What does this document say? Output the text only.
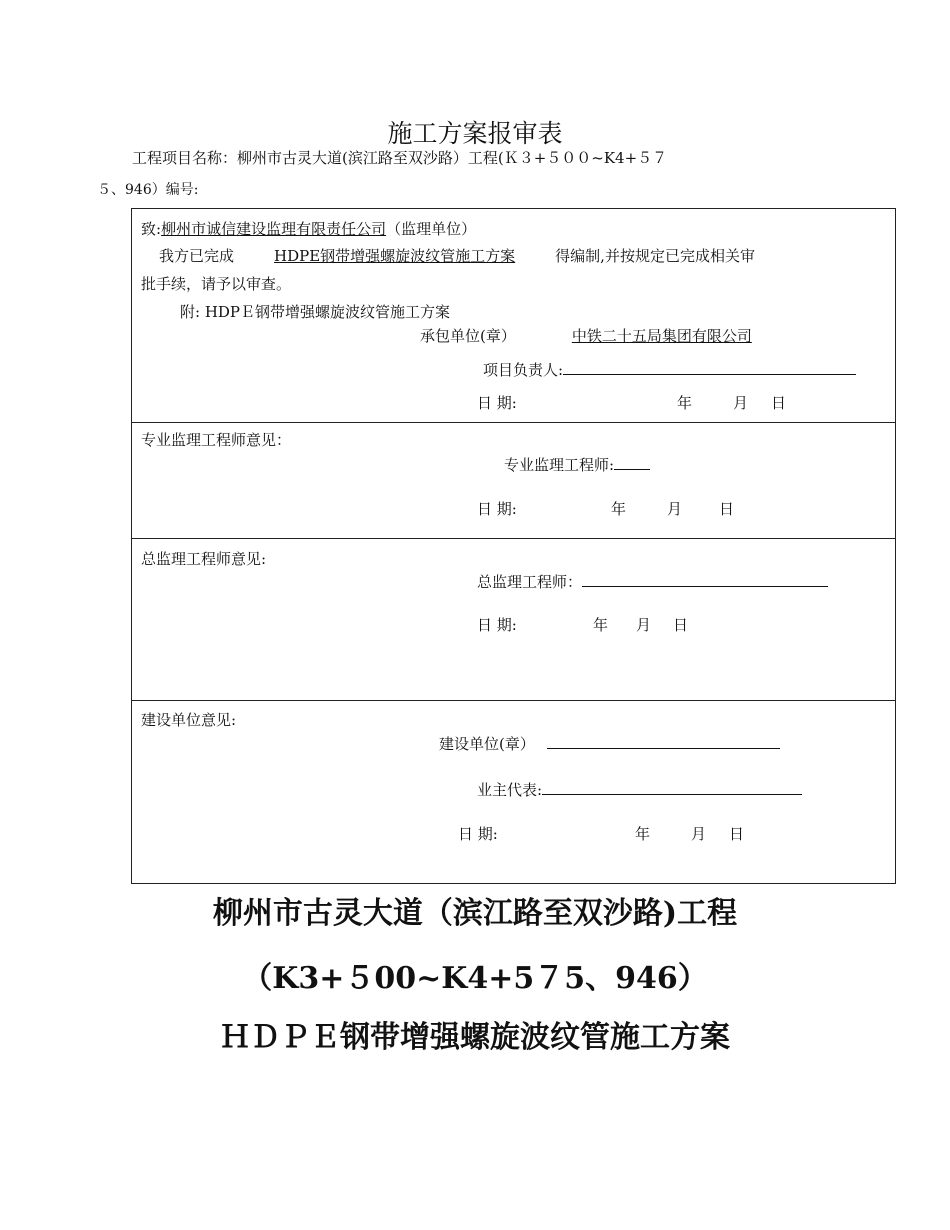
施工方案报审表
工程项目名称：柳州市古灵大道(滨江路至双沙路）工程(Ｋ３+５００~K4+５７
５、946）编号:
致:柳州市诚信建设监理有限责任公司（监理单位）
我方已完成	HDPE钢带增强螺旋波纹管施工方案	得编制,并按规定已完成相关审
批手续，请予以审查。
附: HDPＥ钢带增强螺旋波纹管施工方案
承包单位(章）	中铁二十五局集团有限公司
项目负责人:
日 期:	年	月 日
专业监理工程师意见：
专业监理工程师:
日 期:	年	月 日
总监理工程师意见:
总监理工程师：
日 期:	年 月 日
建设单位意见:
建设单位(章）
业主代表:
日 期:	年	月 日
柳州市古灵大道（滨江路至双沙路)工程
（K3+５00~K4+5７5、946）
ＨＤＰＥ钢带增强螺旋波纹管施工方案
